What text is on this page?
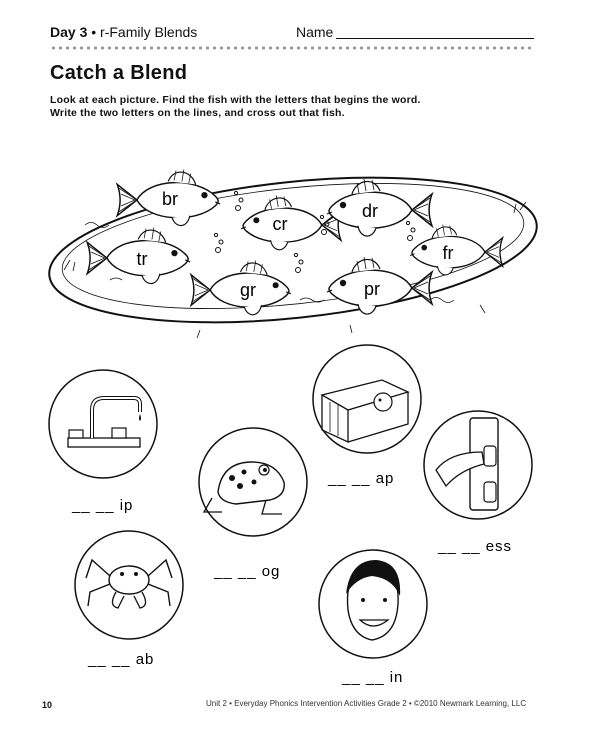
Day 3 • r-Family Blends	Name
Catch a Blend
Look at each picture. Find the fish with the letters that begins the word.
Write the two letters on the lines, and cross out that fish.
br
cr
dr
tr	fr
gr	pr
__ __ ip
__ __ ap
__ __ og
__ __ ess
__ __ ab
__ __ in
10	Unit 2 • Everyday Phonics Intervention Activities Grade 2 • ©2010 Newmark Learning, LLC
